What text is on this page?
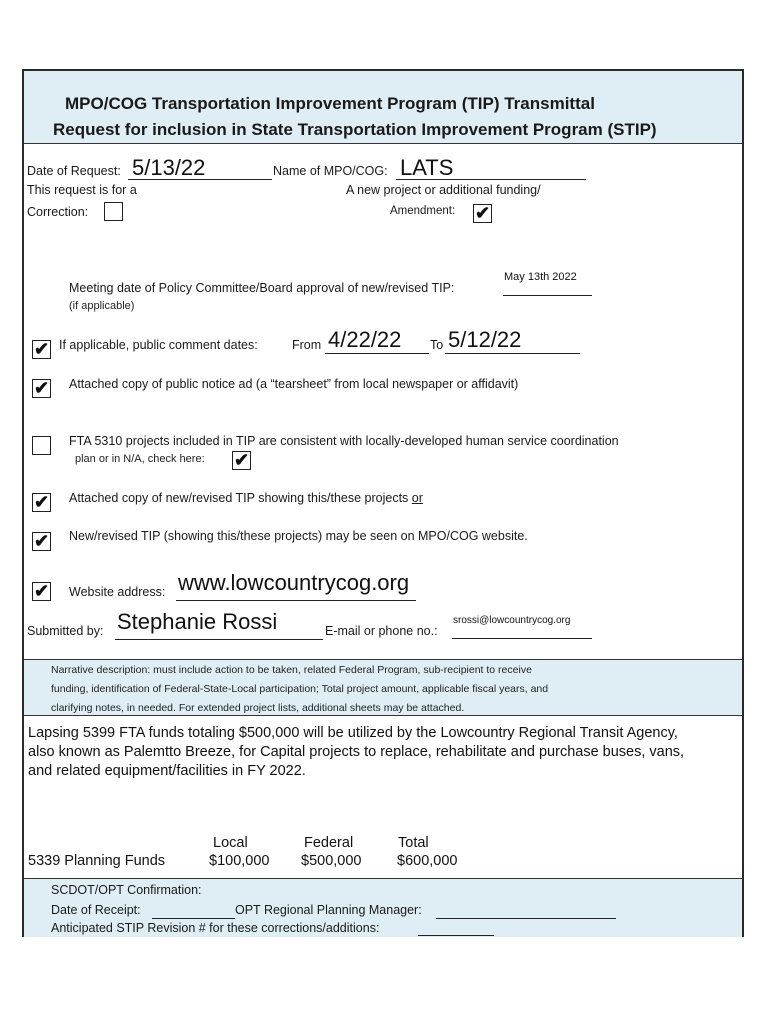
MPO/COG Transportation Improvement Program (TIP) Transmittal
Request for inclusion in State Transportation Improvement Program (STIP)
Date of Request: 5/13/22	Name of MPO/COG: LATS
This request is for a	A new project or additional funding/
Correction:	Amendment: ✔
Meeting date of Policy Committee/Board approval of new/revised TIP:
May 13th 2022
(if applicable)
✔ If applicable, public comment dates:	From 4/22/22 To 5/12/22
✔ Attached copy of public notice ad (a “tearsheet” from local newspaper or affidavit)
FTA 5310 projects included in TIP are consistent with locally-developed human service coordination
plan or in N/A, check here: ✔
✔ Attached copy of new/revised TIP showing this/these projects or
✔ New/revised TIP (showing this/these projects) may be seen on MPO/COG website.
✔ Website address: www.lowcountrycog.org
Submitted by: Stephanie Rossi	E-mail or phone no.:
srossi@lowcountrycog.org
Narrative description: must include action to be taken, related Federal Program, sub-recipient to receive
funding, identification of Federal-State-Local participation; Total project amount, applicable fiscal years, and
clarifying notes, in needed. For extended project lists, additional sheets may be attached.
Lapsing 5399 FTA funds totaling $500,000 will be utilized by the Lowcountry Regional Transit Agency,
also known as Palemtto Breeze, for Capital projects to replace, rehabilitate and purchase buses, vans,
and related equipment/facilities in FY 2022.
Local	Federal	Total
5339 Planning Funds	$100,000 $500,000 $600,000
SCDOT/OPT Confirmation:
Date of Receipt:	OPT Regional Planning Manager:
Anticipated STIP Revision # for these corrections/additions:
